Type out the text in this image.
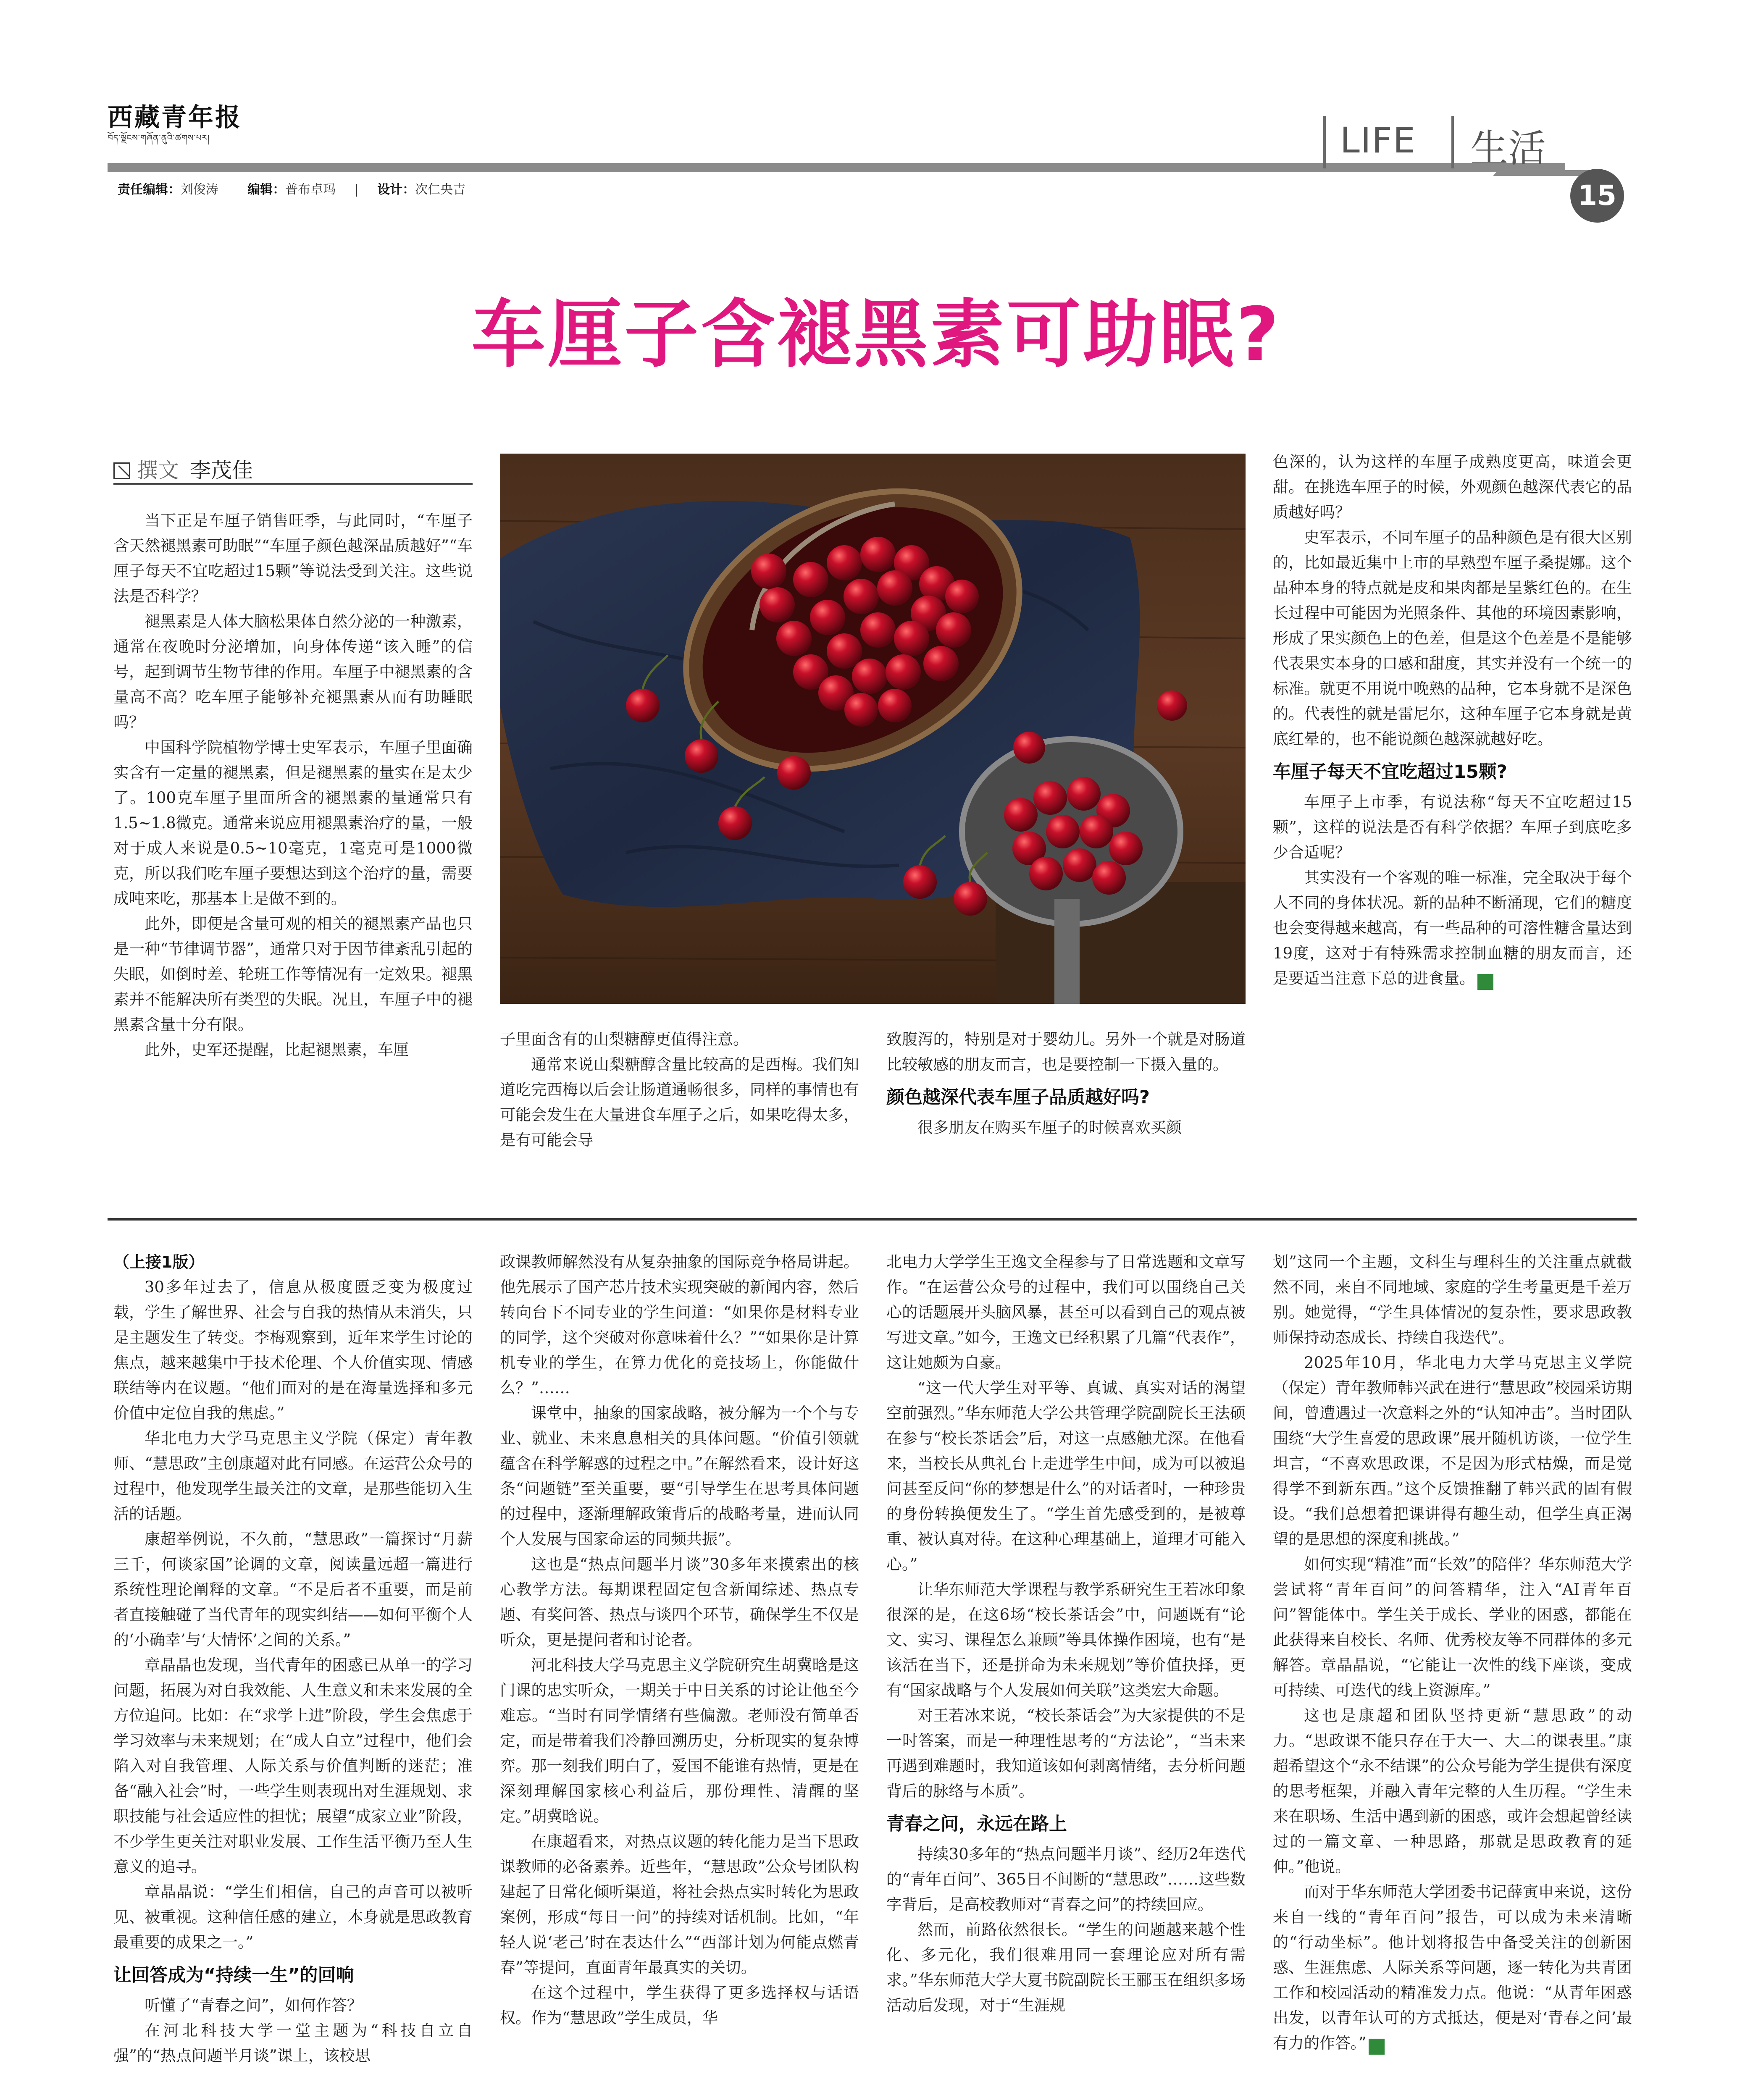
西藏青年报
བོད་ལྗོངས་གཞོན་ནུའི་ཚགས་པར།
责任编辑：刘俊涛 编辑：普布卓玛 | 设计：次仁央吉
LIFE 生活
15
车厘子含褪黑素可助眠?
撰文 李茂佳

当下正是车厘子销售旺季，与此同时，“车厘子含天然褪黑素可助眠”“车厘子颜色越深品质越好”“车厘子每天不宜吃超过15颗”等说法受到关注。这些说法是否科学？

褪黑素是人体大脑松果体自然分泌的一种激素，通常在夜晚时分泌增加，向身体传递“该入睡”的信号，起到调节生物节律的作用。车厘子中褪黑素的含量高不高？吃车厘子能够补充褪黑素从而有助睡眠吗？

中国科学院植物学博士史军表示，车厘子里面确实含有一定量的褪黑素，但是褪黑素的量实在是太少了。100克车厘子里面所含的褪黑素的量通常只有1.5~1.8微克。通常来说应用褪黑素治疗的量，一般对于成人来说是0.5~10毫克，1毫克可是1000微克，所以我们吃车厘子要想达到这个治疗的量，需要成吨来吃，那基本上是做不到的。

此外，即便是含量可观的相关的褪黑素产品也只是一种“节律调节器”，通常只对于因节律紊乱引起的失眠，如倒时差、轮班工作等情况有一定效果。褪黑素并不能解决所有类型的失眠。况且，车厘子中的褪黑素含量十分有限。

此外，史军还提醒，比起褪黑素，车厘

子里面含有的山梨糖醇更值得注意。

通常来说山梨糖醇含量比较高的是西梅。我们知道吃完西梅以后会让肠道通畅很多，同样的事情也有可能会发生在大量进食车厘子之后，如果吃得太多，是有可能会导

致腹泻的，特别是对于婴幼儿。另外一个就是对肠道比较敏感的朋友而言，也是要控制一下摄入量的。

颜色越深代表车厘子品质越好吗?

很多朋友在购买车厘子的时候喜欢买颜

色深的，认为这样的车厘子成熟度更高，味道会更甜。在挑选车厘子的时候，外观颜色越深代表它的品质越好吗？

史军表示，不同车厘子的品种颜色是有很大区别的，比如最近集中上市的早熟型车厘子桑提娜。这个品种本身的特点就是皮和果肉都是呈紫红色的。在生长过程中可能因为光照条件、其他的环境因素影响，形成了果实颜色上的色差，但是这个色差是不是能够代表果实本身的口感和甜度，其实并没有一个统一的标准。就更不用说中晚熟的品种，它本身就不是深色的。代表性的就是雷尼尔，这种车厘子它本身就是黄底红晕的，也不能说颜色越深就越好吃。

车厘子每天不宜吃超过15颗?

车厘子上市季，有说法称“每天不宜吃超过15颗”，这样的说法是否有科学依据？车厘子到底吃多少合适呢？

其实没有一个客观的唯一标准，完全取决于每个人不同的身体状况。新的品种不断涌现，它们的糖度也会变得越来越高，有一些品种的可溶性糖含量达到19度，这对于有特殊需求控制血糖的朋友而言，还是要适当注意下总的进食量。	青

（上接1版）

30多年过去了，信息从极度匮乏变为极度过载，学生了解世界、社会与自我的热情从未消失，只是主题发生了转变。李梅观察到，近年来学生讨论的焦点，越来越集中于技术伦理、个人价值实现、情感联结等内在议题。“他们面对的是在海量选择和多元价值中定位自我的焦虑。”

华北电力大学马克思主义学院（保定）青年教师、“慧思政”主创康超对此有同感。在运营公众号的过程中，他发现学生最关注的文章，是那些能切入生活的话题。

康超举例说，不久前，“慧思政”一篇探讨“月薪三千，何谈家国”论调的文章，阅读量远超一篇进行系统性理论阐释的文章。“不是后者不重要，而是前者直接触碰了当代青年的现实纠结——如何平衡个人的‘小确幸’与‘大情怀’之间的关系。”

章晶晶也发现，当代青年的困惑已从单一的学习问题，拓展为对自我效能、人生意义和未来发展的全方位追问。比如：在“求学上进”阶段，学生会焦虑于学习效率与未来规划；在“成人自立”过程中，他们会陷入对自我管理、人际关系与价值判断的迷茫；准备“融入社会”时，一些学生则表现出对生涯规划、求职技能与社会适应性的担忧；展望“成家立业”阶段，不少学生更关注对职业发展、工作生活平衡乃至人生意义的追寻。

章晶晶说：“学生们相信，自己的声音可以被听见、被重视。这种信任感的建立，本身就是思政教育最重要的成果之一。”

让回答成为“持续一生”的回响

听懂了“青春之问”，如何作答？

在河北科技大学一堂主题为“科技自立自强”的“热点问题半月谈”课上，该校思

政课教师解然没有从复杂抽象的国际竞争格局讲起。他先展示了国产芯片技术实现突破的新闻内容，然后转向台下不同专业的学生问道：“如果你是材料专业的同学，这个突破对你意味着什么？”“如果你是计算机专业的学生，在算力优化的竞技场上，你能做什么？”……

课堂中，抽象的国家战略，被分解为一个个与专业、就业、未来息息相关的具体问题。“价值引领就蕴含在科学解惑的过程之中。”在解然看来，设计好这条“问题链”至关重要，要“引导学生在思考具体问题的过程中，逐渐理解政策背后的战略考量，进而认同个人发展与国家命运的同频共振”。

这也是“热点问题半月谈”30多年来摸索出的核心教学方法。每期课程固定包含新闻综述、热点专题、有奖问答、热点与谈四个环节，确保学生不仅是听众，更是提问者和讨论者。

河北科技大学马克思主义学院研究生胡冀晗是这门课的忠实听众，一期关于中日关系的讨论让他至今难忘。“当时有同学情绪有些偏激。老师没有简单否定，而是带着我们冷静回溯历史，分析现实的复杂博弈。那一刻我们明白了，爱国不能谁有热情，更是在深刻理解国家核心利益后，那份理性、清醒的坚定。”胡冀晗说。

在康超看来，对热点议题的转化能力是当下思政课教师的必备素养。近些年，“慧思政”公众号团队构建起了日常化倾听渠道，将社会热点实时转化为思政案例，形成“每日一问”的持续对话机制。比如，“年轻人说‘老己’时在表达什么”“西部计划为何能点燃青春”等提问，直面青年最真实的关切。

在这个过程中，学生获得了更多选择权与话语权。作为“慧思政”学生成员，华

北电力大学学生王逸文全程参与了日常选题和文章写作。“在运营公众号的过程中，我们可以围绕自己关心的话题展开头脑风暴，甚至可以看到自己的观点被写进文章。”如今，王逸文已经积累了几篇“代表作”，这让她颇为自豪。

“这一代大学生对平等、真诚、真实对话的渴望空前强烈。”华东师范大学公共管理学院副院长王法硕在参与“校长茶话会”后，对这一点感触尤深。在他看来，当校长从典礼台上走进学生中间，成为可以被追问甚至反问“你的梦想是什么”的对话者时，一种珍贵的身份转换便发生了。“学生首先感受到的，是被尊重、被认真对待。在这种心理基础上，道理才可能入心。”

让华东师范大学课程与教学系研究生王若冰印象很深的是，在这6场“校长茶话会”中，问题既有“论文、实习、课程怎么兼顾”等具体操作困境，也有“是该活在当下，还是拼命为未来规划”等价值抉择，更有“国家战略与个人发展如何关联”这类宏大命题。

对王若冰来说，“校长茶话会”为大家提供的不是一时答案，而是一种理性思考的“方法论”，“当未来再遇到难题时，我知道该如何剥离情绪，去分析问题背后的脉络与本质”。

青春之问，永远在路上

持续30多年的“热点问题半月谈”、经历2年迭代的“青年百问”、365日不间断的“慧思政”……这些数字背后，是高校教师对“青春之问”的持续回应。

然而，前路依然很长。“学生的问题越来越个性化、多元化，我们很难用同一套理论应对所有需求。”华东师范大学大夏书院副院长王郦玉在组织多场活动后发现，对于“生涯规

划”这同一个主题，文科生与理科生的关注重点就截然不同，来自不同地域、家庭的学生考量更是千差万别。她觉得，“学生具体情况的复杂性，要求思政教师保持动态成长、持续自我迭代”。

2025年10月，华北电力大学马克思主义学院（保定）青年教师韩兴武在进行“慧思政”校园采访期间，曾遭遇过一次意料之外的“认知冲击”。当时团队围绕“大学生喜爱的思政课”展开随机访谈，一位学生坦言，“不喜欢思政课，不是因为形式枯燥，而是觉得学不到新东西。”这个反馈推翻了韩兴武的固有假设。“我们总想着把课讲得有趣生动，但学生真正渴望的是思想的深度和挑战。”

如何实现“精准”而“长效”的陪伴？华东师范大学尝试将“青年百问”的问答精华，注入“AI青年百问”智能体中。学生关于成长、学业的困惑，都能在此获得来自校长、名师、优秀校友等不同群体的多元解答。章晶晶说，“它能让一次性的线下座谈，变成可持续、可迭代的线上资源库。”

这也是康超和团队坚持更新“慧思政”的动力。“思政课不能只存在于大一、大二的课表里。”康超希望这个“永不结课”的公众号能为学生提供有深度的思考框架，并融入青年完整的人生历程。“学生未来在职场、生活中遇到新的困惑，或许会想起曾经读过的一篇文章、一种思路，那就是思政教育的延伸。”他说。

而对于华东师范大学团委书记薛寅申来说，这份来自一线的“青年百问”报告，可以成为未来清晰的“行动坐标”。他计划将报告中备受关注的创新困惑、生涯焦虑、人际关系等问题，逐一转化为共青团工作和校园活动的精准发力点。他说：“从青年困惑出发，以青年认可的方式抵达，便是对‘青春之问’最有力的作答。”	青
